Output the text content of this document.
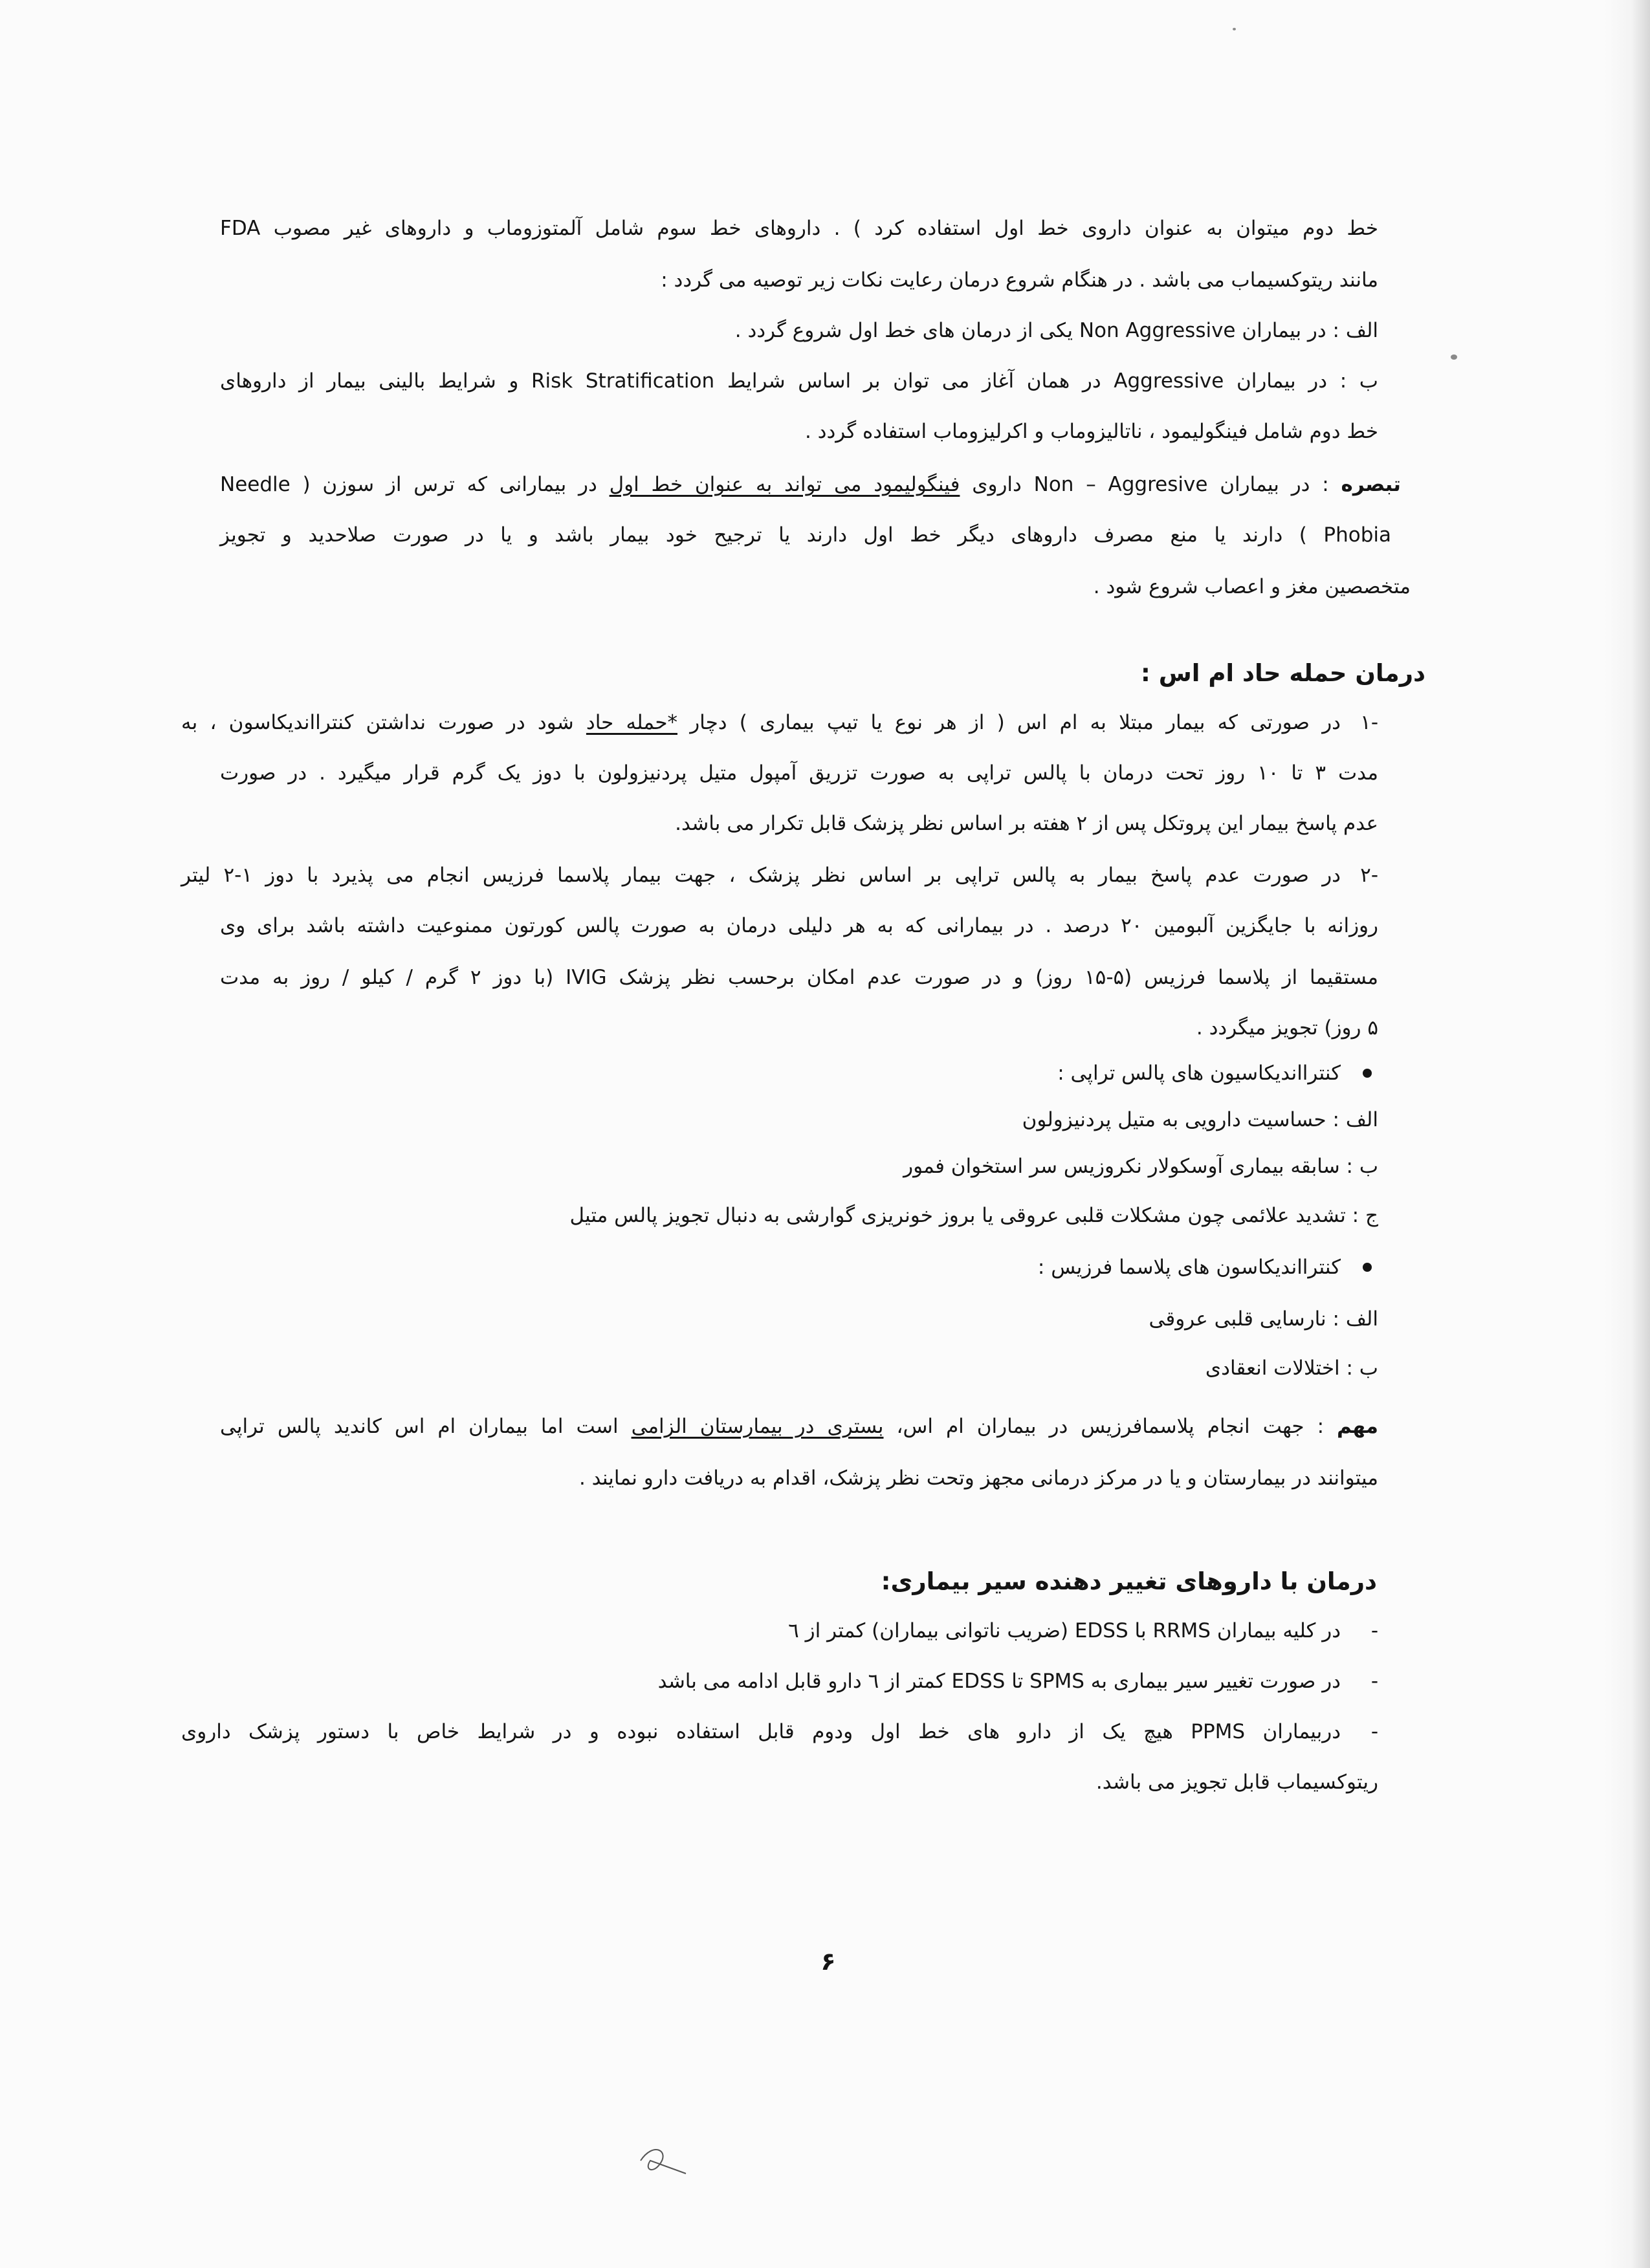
خط دوم میتوان به عنوان داروی خط اول استفاده کرد ) . داروهای خط سوم شامل آلمتوزوماب و داروهای غیر مصوب FDA
مانند ریتوکسیماب می باشد . در هنگام شروع درمان رعایت نکات زیر توصیه می گردد :
الف : در بیماران Non Aggressive یکی از درمان های خط اول شروع گردد .
ب : در بیماران Aggressive در همان آغاز می توان بر اساس شرایط Risk Stratification و شرایط بالینی بیمار از داروهای
خط دوم شامل فینگولیمود ، ناتالیزوماب و اکرلیزوماب استفاده گردد .
تبصره : در بیماران Non – Aggresive داروی فینگولیمود می تواند به عنوان خط اول در بیمارانی که ترس از سوزن ( Needle
Phobia ) دارند یا منع مصرف داروهای دیگر خط اول دارند یا ترجیح خود بیمار باشد و یا در صورت صلاحدید و تجویز
متخصصین مغز و اعصاب شروع شود .
درمان حمله حاد ام اس :
-۱
در صورتی که بیمار مبتلا به ام اس ( از هر نوع یا تیپ بیماری ) دچار *حمله حاد شود در صورت نداشتن کنترااندیکاسون ، به
مدت ۳ تا ۱۰ روز تحت درمان با پالس تراپی به صورت تزریق آمپول متیل پردنیزولون با دوز یک گرم قرار میگیرد . در صورت
عدم پاسخ بیمار این پروتکل پس از ۲ هفته بر اساس نظر پزشک قابل تکرار می باشد.
-۲
در صورت عدم پاسخ بیمار به پالس تراپی بر اساس نظر پزشک ، جهت بیمار پلاسما فرزیس انجام می پذیرد با دوز ۱-۲ لیتر
روزانه با جایگزین آلبومین ۲۰ درصد . در بیمارانی که به هر دلیلی درمان به صورت پالس کورتون ممنوعیت داشته باشد برای وی
مستقیما از پلاسما فرزیس (۵-۱۵ روز) و در صورت عدم امکان برحسب نظر پزشک IVIG (با دوز ۲ گرم / کیلو / روز به مدت
۵ روز) تجویز میگردد .
کنترااندیکاسیون های پالس تراپی :
الف : حساسیت دارویی به متیل پردنیزولون
ب : سابقه بیماری آوسکولار نکروزیس سر استخوان فمور
ج : تشدید علائمی چون مشکلات قلبی عروقی یا بروز خونریزی گوارشی به دنبال تجویز پالس متیل
کنترااندیکاسون های پلاسما فرزیس :
الف : نارسایی قلبی عروقی
ب : اختلالات انعقادی
مهم : جهت انجام پلاسمافرزیس در بیماران ام اس، بستری در بیمارستان الزامی است اما بیماران ام اس کاندید پالس تراپی
میتوانند در بیمارستان و یا در مرکز درمانی مجهز وتحت نظر پزشک، اقدام به دریافت دارو نمایند .
درمان با داروهای تغییر دهنده سیر بیماری:
-
در کلیه بیماران RRMS با EDSS (ضریب ناتوانی بیماران) کمتر از ٦
-
در صورت تغییر سیر بیماری به SPMS تا EDSS کمتر از ٦ دارو قابل ادامه می باشد
-
دربیماران PPMS هیچ یک از دارو های خط اول ودوم قابل استفاده نبوده و در شرایط خاص با دستور پزشک داروی
ریتوکسیماب قابل تجویز می باشد.
۶
